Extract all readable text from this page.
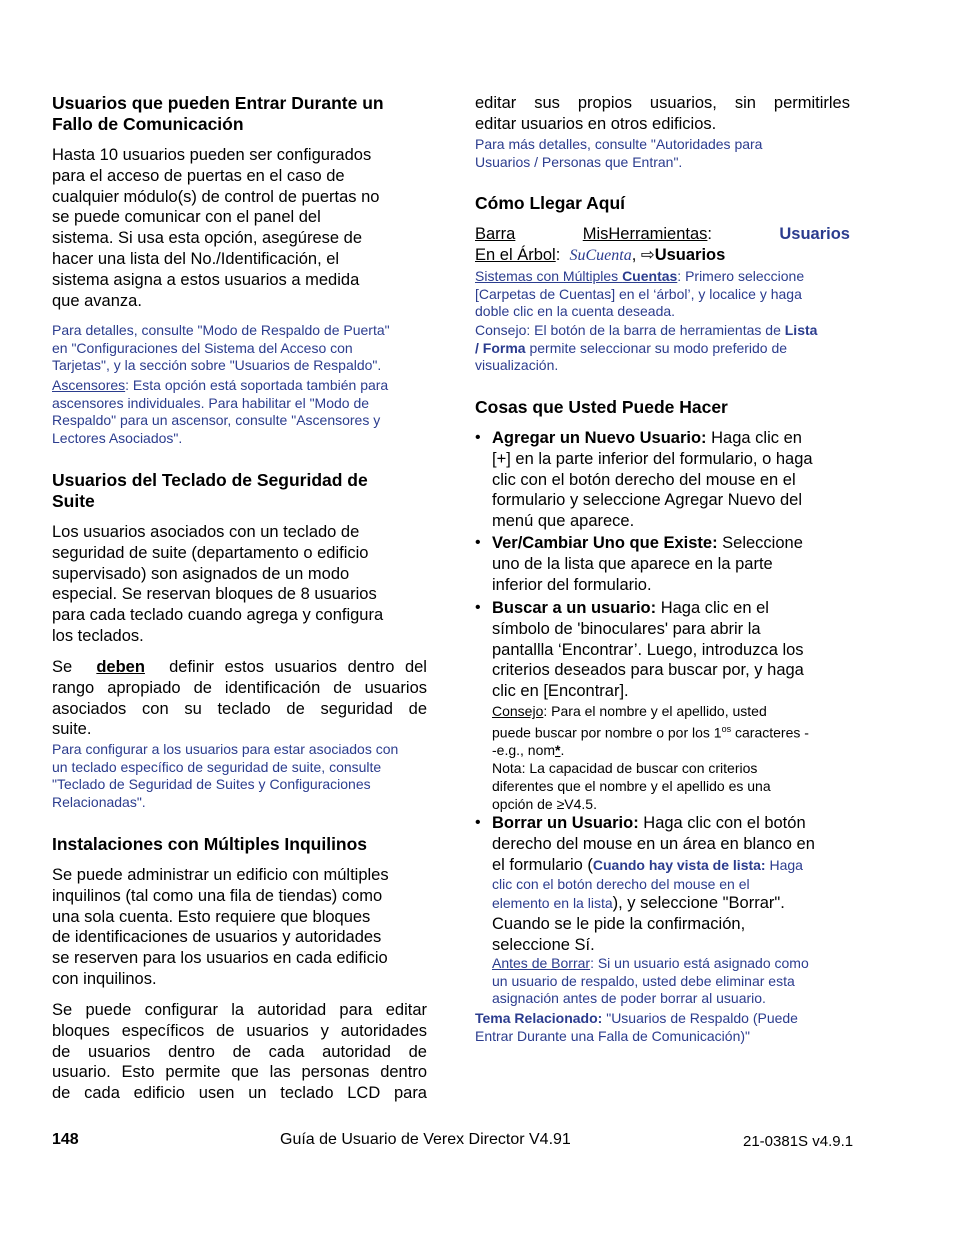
Usuarios que pueden Entrar Durante un
Fallo de Comunicación
Hasta 10 usuarios pueden ser configurados
para el acceso de puertas en el caso de
cualquier módulo(s) de control de puertas no
se puede comunicar con el panel del
sistema. Si usa esta opción, asegúrese de
hacer una lista del No./Identificación, el
sistema asigna a estos usuarios a medida
que avanza.
Para detalles, consulte "Modo de Respaldo de Puerta"
en "Configuraciones del Sistema del Acceso con
Tarjetas", y la sección sobre "Usuarios de Respaldo".
Ascensores: Esta opción está soportada también para
ascensores individuales. Para habilitar el "Modo de
Respaldo" para un ascensor, consulte "Ascensores y
Lectores Asociados".
Usuarios del Teclado de Seguridad de
Suite
Los usuarios asociados con un teclado de
seguridad de suite (departamento o edificio
supervisado) son asignados de un modo
especial. Se reservan bloques de 8 usuarios
para cada teclado cuando agrega y configura
los teclados.
Se deben definir estos usuarios dentro del
rango apropiado de identificación de usuarios
asociados con su teclado de seguridad de
suite.
Para configurar a los usuarios para estar asociados con
un teclado específico de seguridad de suite, consulte
"Teclado de Seguridad de Suites y Configuraciones
Relacionadas".
Instalaciones con Múltiples Inquilinos
Se puede administrar un edificio con múltiples
inquilinos (tal como una fila de tiendas) como
una sola cuenta. Esto requiere que bloques
de identificaciones de usuarios y autoridades
se reserven para los usuarios en cada edificio
con inquilinos.
Se puede configurar la autoridad para editar
bloques específicos de usuarios y autoridades
de usuarios dentro de cada autoridad de
usuario. Esto permite que las personas dentro
de cada edificio usen un teclado LCD para
editar sus propios usuarios, sin permitirles
editar usuarios en otros edificios.
Para más detalles, consulte "Autoridades para
Usuarios / Personas que Entran".
Cómo Llegar Aquí
Barra	MisHerramientas:	Usuarios
En el Árbol:  SuCuenta, ⇨Usuarios
Sistemas con Múltiples Cuentas: Primero seleccione
[Carpetas de Cuentas] en el ‘árbol’, y localice y haga
doble clic en la cuenta deseada.
Consejo: El botón de la barra de herramientas de Lista
/ Forma permite seleccionar su modo preferido de
visualización.
Cosas que Usted Puede Hacer
• Agregar un Nuevo Usuario: Haga clic en
[+] en la parte inferior del formulario, o haga
clic con el botón derecho del mouse en el
formulario y seleccione Agregar Nuevo del
menú que aparece.
• Ver/Cambiar Uno que Existe: Seleccione
uno de la lista que aparece en la parte
inferior del formulario.
• Buscar a un usuario: Haga clic en el
símbolo de 'binoculares' para abrir la
pantallla ‘Encontrar’. Luego, introduzca los
criterios deseados para buscar por, y haga
clic en [Encontrar].
Consejo: Para el nombre y el apellido, usted
puede buscar por nombre o por los $1^{os}$ caracteres -
-e.g., nom*.
Nota: La capacidad de buscar con criterios
diferentes que el nombre y el apellido es una
opción de ≥V4.5.
• Borrar un Usuario: Haga clic con el botón
derecho del mouse en un área en blanco en
el formulario (Cuando hay vista de lista: Haga
clic con el botón derecho del mouse en el
elemento en la lista), y seleccione "Borrar".
Cuando se le pide la confirmación,
seleccione Sí.
Antes de Borrar: Si un usuario está asignado como
un usuario de respaldo, usted debe eliminar esta
asignación antes de poder borrar al usuario.
Tema Relacionado: "Usuarios de Respaldo (Puede
Entrar Durante una Falla de Comunicación)"
148	Guía de Usuario de Verex Director V4.91	21-0381S v4.9.1
